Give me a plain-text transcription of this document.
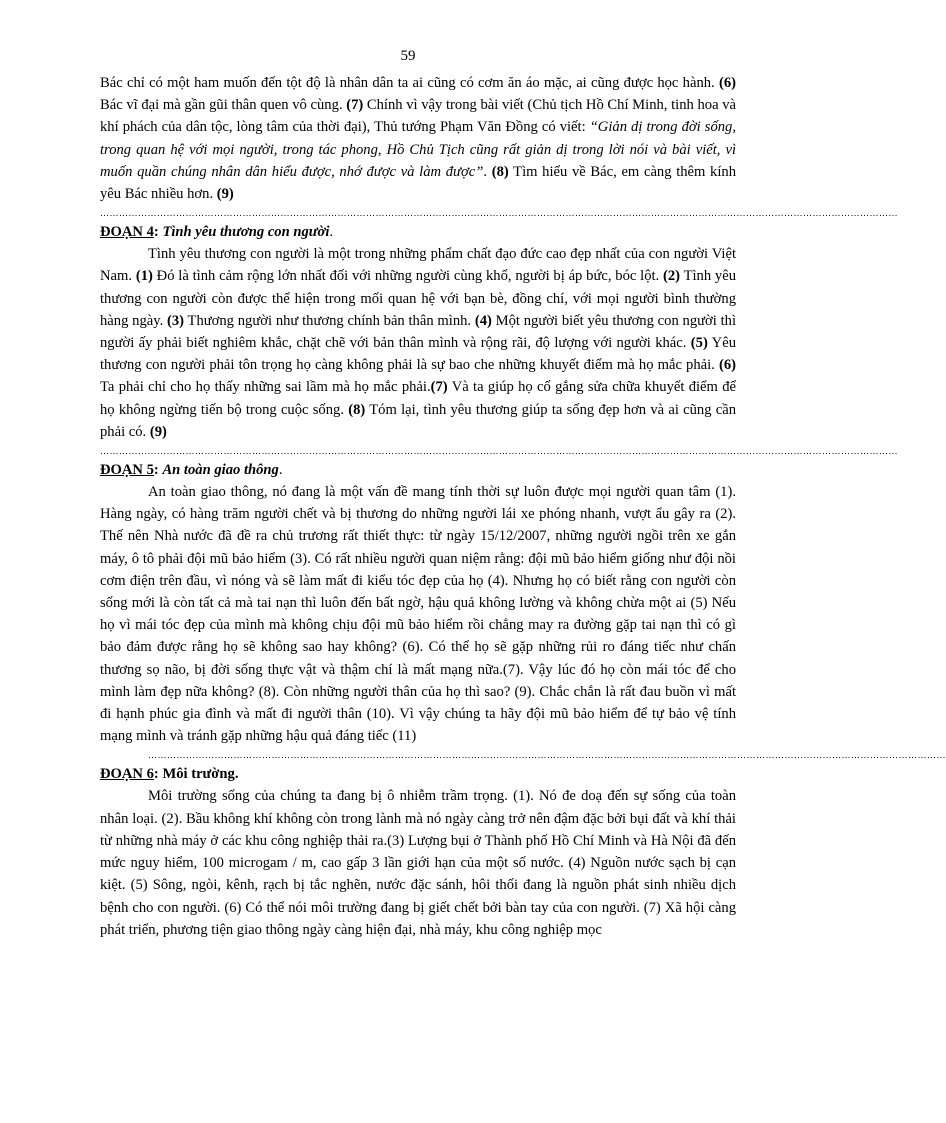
59

Bác chỉ có một ham muốn đến tột độ là nhân dân ta ai cũng có cơm ăn áo mặc, ai cũng được học hành. (6) Bác vĩ đại mà gần gũi thân quen vô cùng. (7) Chính vì vậy trong bài viết (Chủ tịch Hồ Chí Minh, tinh hoa và khí phách của dân tộc, lòng tâm của thời đại), Thủ tướng Phạm Văn Đồng có viết: “Giản dị trong đời sống, trong quan hệ với mọi người, trong tác phong, Hồ Chủ Tịch cũng rất giản dị trong lời nói và bài viết, vì muốn quần chúng nhân dân hiểu được, nhớ được và làm được”. (8) Tìm hiểu về Bác, em càng thêm kính yêu Bác nhiều hơn. (9)

………………………………………………………………………………………………………………………………………………………………………………………………………………………………

ĐOẠN 4: Tình yêu thương con người.

Tình yêu thương con người là một trong những phẩm chất đạo đức cao đẹp nhất của con người Việt Nam. (1) Đó là tình cảm rộng lớn nhất đối với những người cùng khổ, người bị áp bức, bóc lột. (2) Tình yêu thương con người còn được thể hiện trong mối quan hệ với bạn bè, đồng chí, với mọi người bình thường hàng ngày. (3) Thương người như thương chính bản thân mình. (4) Một người biết yêu thương con người thì người ấy phải biết nghiêm khắc, chặt chẽ với bản thân mình và rộng rãi, độ lượng với người khác. (5) Yêu thương con người phải tôn trọng họ càng không phải là sự bao che những khuyết điểm mà họ mắc phải. (6) Ta phải chỉ cho họ thấy những sai lầm mà họ mắc phải.(7) Và ta giúp họ cố gắng sửa chữa khuyết điểm để họ không ngừng tiến bộ trong cuộc sống. (8) Tóm lại, tình yêu thương giúp ta sống đẹp hơn và ai cũng cần phải có. (9)

………………………………………………………………………………………………………………………………………………………………………………………………………………………………

ĐOẠN 5: An toàn giao thông.

An toàn giao thông, nó đang là một vấn đề mang tính thời sự luôn được mọi người quan tâm (1). Hàng ngày, có hàng trăm người chết và bị thương do những người lái xe phóng nhanh, vượt ẩu gây ra (2). Thế nên Nhà nước đã đề ra chủ trương rất thiết thực: từ ngày 15/12/2007, những người ngồi trên xe gắn máy, ô tô phải đội mũ bảo hiểm (3). Có rất nhiều người quan niệm rằng: đội mũ bảo hiểm giống như đội nồi cơm điện trên đầu, vì nóng và sẽ làm mất đi kiểu tóc đẹp của họ (4). Nhưng họ có biết rằng con người còn sống mới là còn tất cả mà tai nạn thì luôn đến bất ngờ, hậu quả không lường và không chừa một ai (5) Nếu họ vì mái tóc đẹp của mình mà không chịu đội mũ bảo hiểm rồi chẳng may ra đường gặp tai nạn thì có gì bảo đảm được rằng họ sẽ không sao hay không? (6). Có thể họ sẽ gặp những rủi ro đáng tiếc như chấn thương sọ não, bị đời sống thực vật và thậm chí là mất mạng nữa.(7). Vậy lúc đó họ còn mái tóc để cho mình làm đẹp nữa không? (8). Còn những người thân của họ thì sao? (9). Chắc chắn là rất đau buồn vì mất đi hạnh phúc gia đình và mất đi người thân (10). Vì vậy chúng ta hãy đội mũ bảo hiểm để tự bảo vệ tính mạng mình và tránh gặp những hậu quả đáng tiếc (11)

………………………………………………………………………………………………………………………………………………………………………………………………………………………………

ĐOẠN 6: Môi trường.

Môi trường sống của chúng ta đang bị ô nhiễm trầm trọng. (1). Nó đe doạ đến sự sống của toàn nhân loại. (2). Bầu không khí không còn trong lành mà nó ngày càng trở nên đậm đặc bởi bụi đất và khí thải từ những nhà máy ở các khu công nghiệp thải ra.(3) Lượng bụi ở Thành phố Hồ Chí Minh và Hà Nội đã đến mức nguy hiểm, 100 microgam / m, cao gấp 3 lần giới hạn của một số nước. (4) Nguồn nước sạch bị cạn kiệt. (5) Sông, ngòi, kênh, rạch bị tắc nghẽn, nước đặc sánh, hôi thối đang là nguồn phát sinh nhiều dịch bệnh cho con người. (6) Có thể nói môi trường đang bị giết chết bởi bàn tay của con người. (7) Xã hội càng phát triển, phương tiện giao thông ngày càng hiện đại, nhà máy, khu công nghiệp mọc
